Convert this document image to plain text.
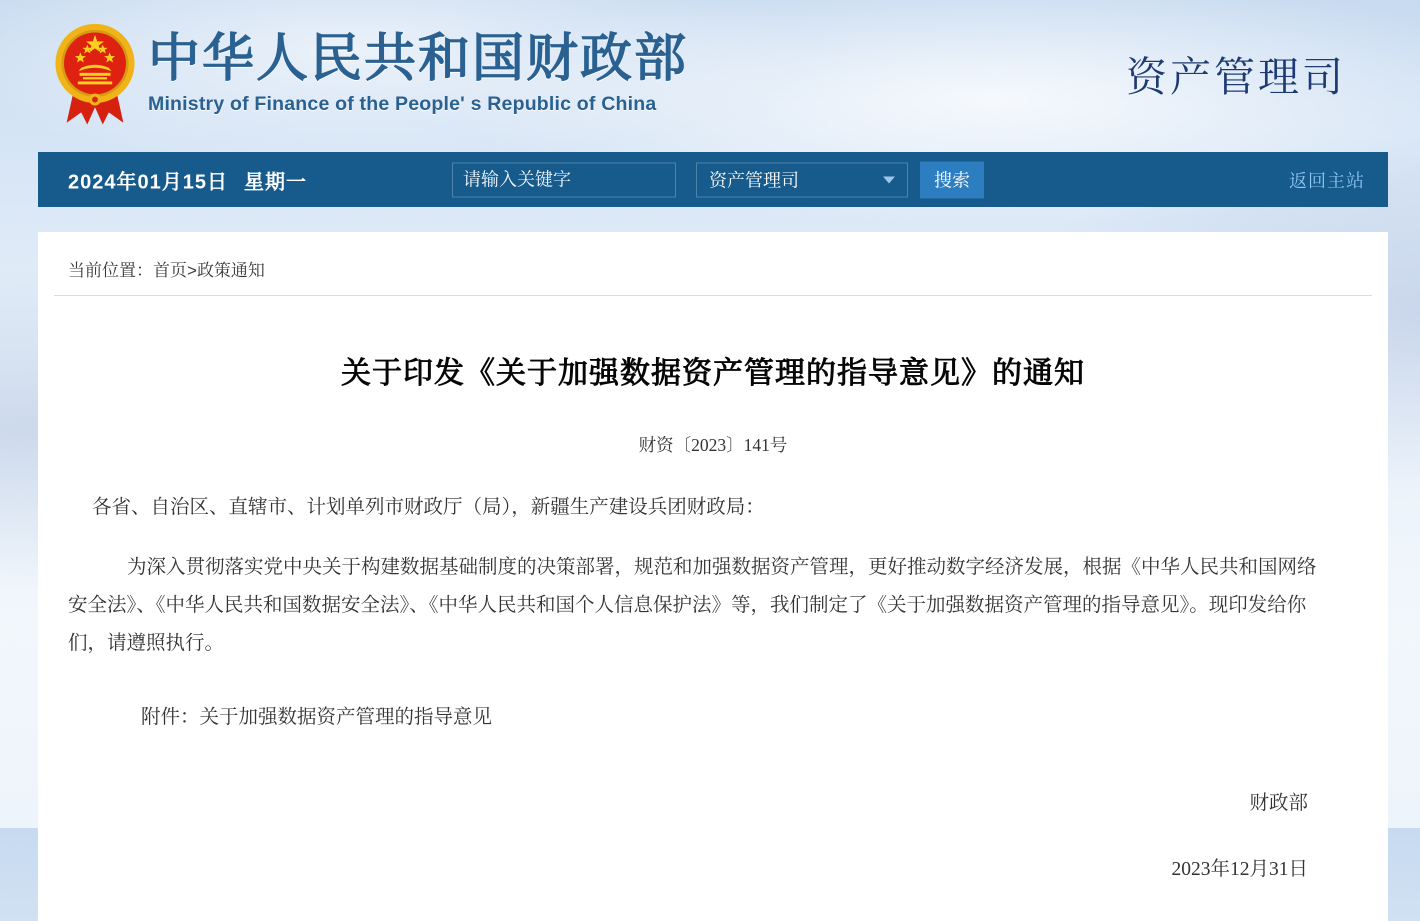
中华人民共和国财政部
Ministry of Finance of the People' s Republic of China
资产管理司
2024年01月15日 星期一
请输入关键字	资产管理司	搜索	返回主站
当前位置：首页>政策通知
关于印发《关于加强数据资产管理的指导意见》的通知
财资〔2023〕141号

各省、自治区、直辖市、计划单列市财政厅（局），新疆生产建设兵团财政局：

为深入贯彻落实党中央关于构建数据基础制度的决策部署，规范和加强数据资产管理，更好推动数字经济发展，根据《中华人民共和国网络安全法》、《中华人民共和国数据安全法》、《中华人民共和国个人信息保护法》等，我们制定了《关于加强数据资产管理的指导意见》。现印发给你们，请遵照执行。

附件：关于加强数据资产管理的指导意见

财政部
2023年12月31日
